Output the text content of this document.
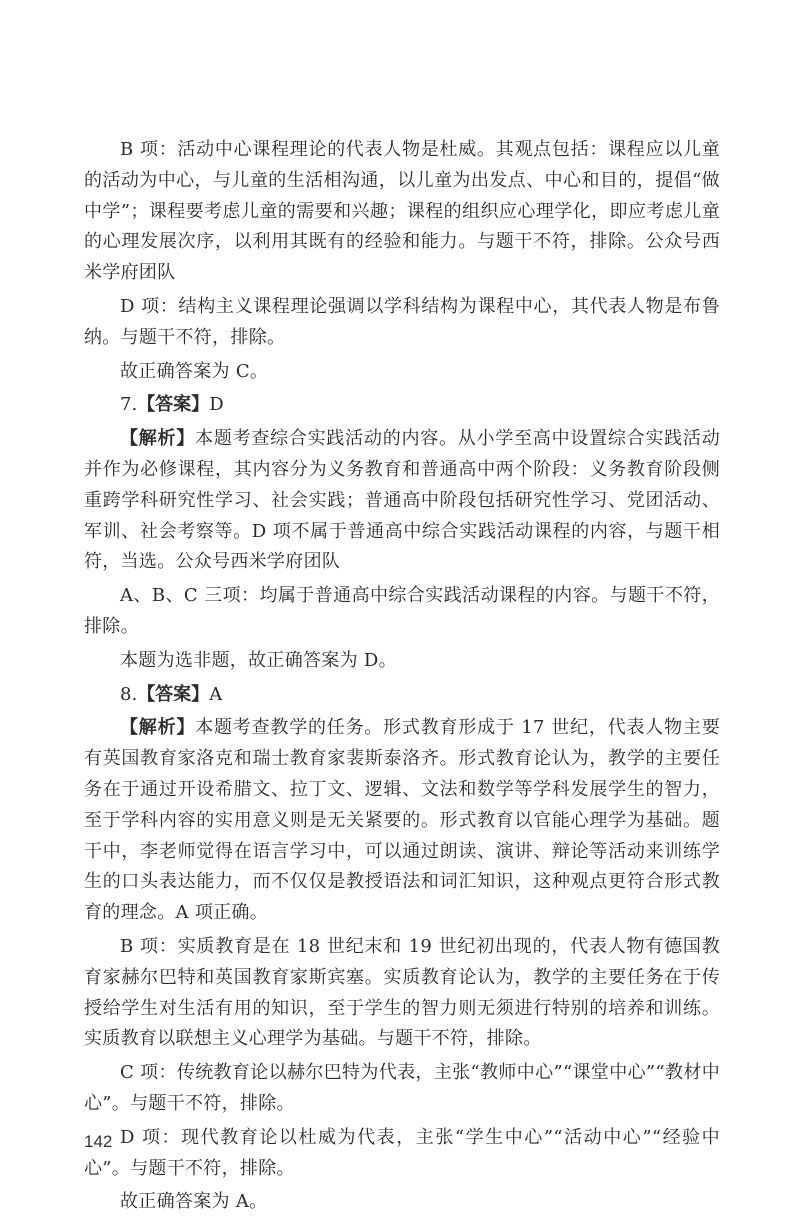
B 项：活动中心课程理论的代表人物是杜威。其观点包括：课程应以儿童的活动为中心，与儿童的生活相沟通，以儿童为出发点、中心和目的，提倡“做中学”；课程要考虑儿童的需要和兴趣；课程的组织应心理学化，即应考虑儿童的心理发展次序，以利用其既有的经验和能力。与题干不符，排除。公众号西米学府团队

D 项：结构主义课程理论强调以学科结构为课程中心，其代表人物是布鲁纳。与题干不符，排除。

故正确答案为 C。

7.【答案】D

【解析】本题考查综合实践活动的内容。从小学至高中设置综合实践活动并作为必修课程，其内容分为义务教育和普通高中两个阶段：义务教育阶段侧重跨学科研究性学习、社会实践；普通高中阶段包括研究性学习、党团活动、军训、社会考察等。D 项不属于普通高中综合实践活动课程的内容，与题干相符，当选。公众号西米学府团队

A、B、C 三项：均属于普通高中综合实践活动课程的内容。与题干不符，排除。

本题为选非题，故正确答案为 D。

8.【答案】A

【解析】本题考查教学的任务。形式教育形成于 17 世纪，代表人物主要有英国教育家洛克和瑞士教育家裴斯泰洛齐。形式教育论认为，教学的主要任务在于通过开设希腊文、拉丁文、逻辑、文法和数学等学科发展学生的智力，至于学科内容的实用意义则是无关紧要的。形式教育以官能心理学为基础。题干中，李老师觉得在语言学习中，可以通过朗读、演讲、辩论等活动来训练学生的口头表达能力，而不仅仅是教授语法和词汇知识，这种观点更符合形式教育的理念。A 项正确。

B 项：实质教育是在 18 世纪末和 19 世纪初出现的，代表人物有德国教育家赫尔巴特和英国教育家斯宾塞。实质教育论认为，教学的主要任务在于传授给学生对生活有用的知识，至于学生的智力则无须进行特别的培养和训练。实质教育以联想主义心理学为基础。与题干不符，排除。

C 项：传统教育论以赫尔巴特为代表，主张“教师中心”“课堂中心”“教材中心”。与题干不符，排除。

D 项：现代教育论以杜威为代表，主张“学生中心”“活动中心”“经验中心”。与题干不符，排除。

故正确答案为 A。

142
